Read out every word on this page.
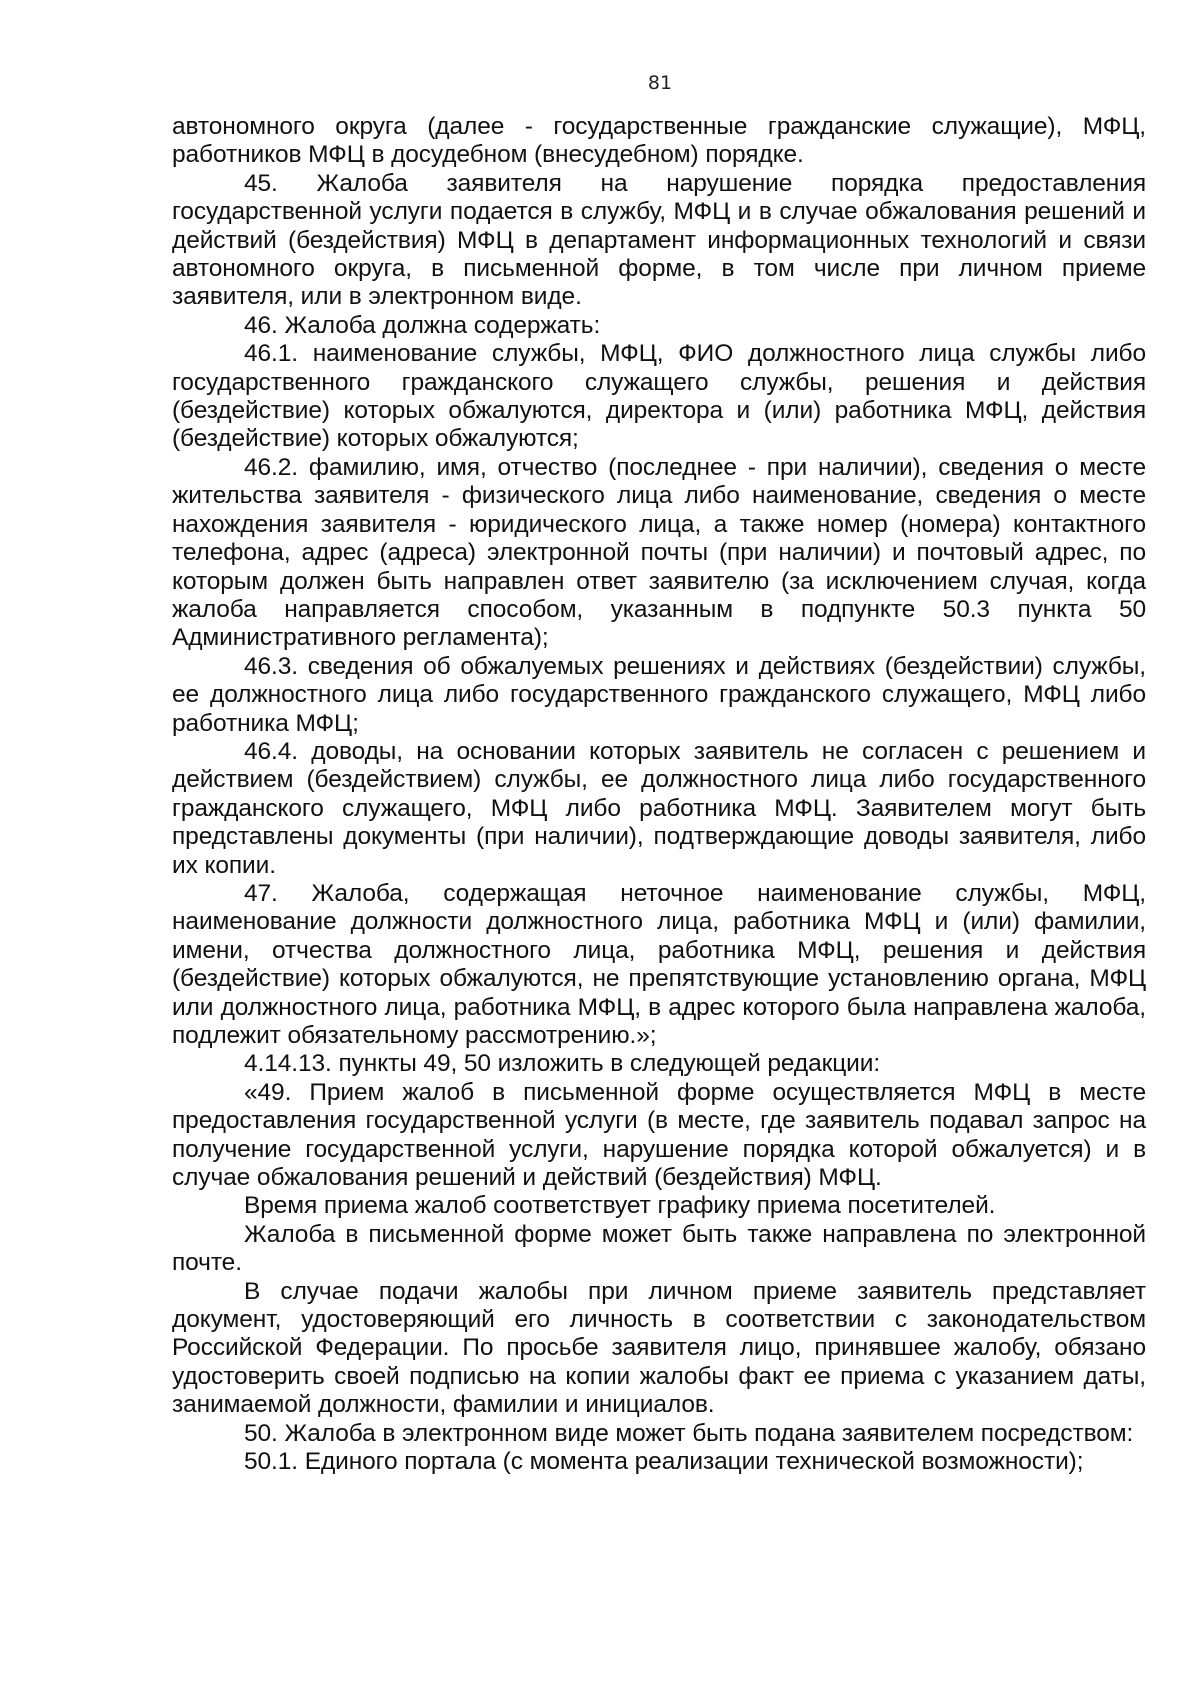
81

автономного округа (далее - государственные гражданские служащие), МФЦ, работников МФЦ в досудебном (внесудебном) порядке.

45. Жалоба заявителя на нарушение порядка предоставления государственной услуги подается в службу, МФЦ и в случае обжалования решений и действий (бездействия) МФЦ в департамент информационных технологий и связи автономного округа, в письменной форме, в том числе при личном приеме заявителя, или в электронном виде.

46. Жалоба должна содержать:

46.1. наименование службы, МФЦ, ФИО должностного лица службы либо государственного гражданского служащего службы, решения и действия (бездействие) которых обжалуются, директора и (или) работника МФЦ, действия (бездействие) которых обжалуются;

46.2. фамилию, имя, отчество (последнее - при наличии), сведения о месте жительства заявителя - физического лица либо наименование, сведения о месте нахождения заявителя - юридического лица, а также номер (номера) контактного телефона, адрес (адреса) электронной почты (при наличии) и почтовый адрес, по которым должен быть направлен ответ заявителю (за исключением случая, когда жалоба направляется способом, указанным в подпункте 50.3 пункта 50 Административного регламента);

46.3. сведения об обжалуемых решениях и действиях (бездействии) службы, ее должностного лица либо государственного гражданского служащего, МФЦ либо работника МФЦ;

46.4. доводы, на основании которых заявитель не согласен с решением и действием (бездействием) службы, ее должностного лица либо государственного гражданского служащего, МФЦ либо работника МФЦ. Заявителем могут быть представлены документы (при наличии), подтверждающие доводы заявителя, либо их копии.

47. Жалоба, содержащая неточное наименование службы, МФЦ, наименование должности должностного лица, работника МФЦ и (или) фамилии, имени, отчества должностного лица, работника МФЦ, решения и действия (бездействие) которых обжалуются, не препятствующие установлению органа, МФЦ или должностного лица, работника МФЦ, в адрес которого была направлена жалоба, подлежит обязательному рассмотрению.»;

4.14.13. пункты 49, 50 изложить в следующей редакции:

«49. Прием жалоб в письменной форме осуществляется МФЦ в месте предоставления государственной услуги (в месте, где заявитель подавал запрос на получение государственной услуги, нарушение порядка которой обжалуется) и в случае обжалования решений и действий (бездействия) МФЦ.

Время приема жалоб соответствует графику приема посетителей.

Жалоба в письменной форме может быть также направлена по электронной почте.

В случае подачи жалобы при личном приеме заявитель представляет документ, удостоверяющий его личность в соответствии с законодательством Российской Федерации. По просьбе заявителя лицо, принявшее жалобу, обязано удостоверить своей подписью на копии жалобы факт ее приема с указанием даты, занимаемой должности, фамилии и инициалов.

50. Жалоба в электронном виде может быть подана заявителем посредством:

50.1. Единого портала (с момента реализации технической возможности);
